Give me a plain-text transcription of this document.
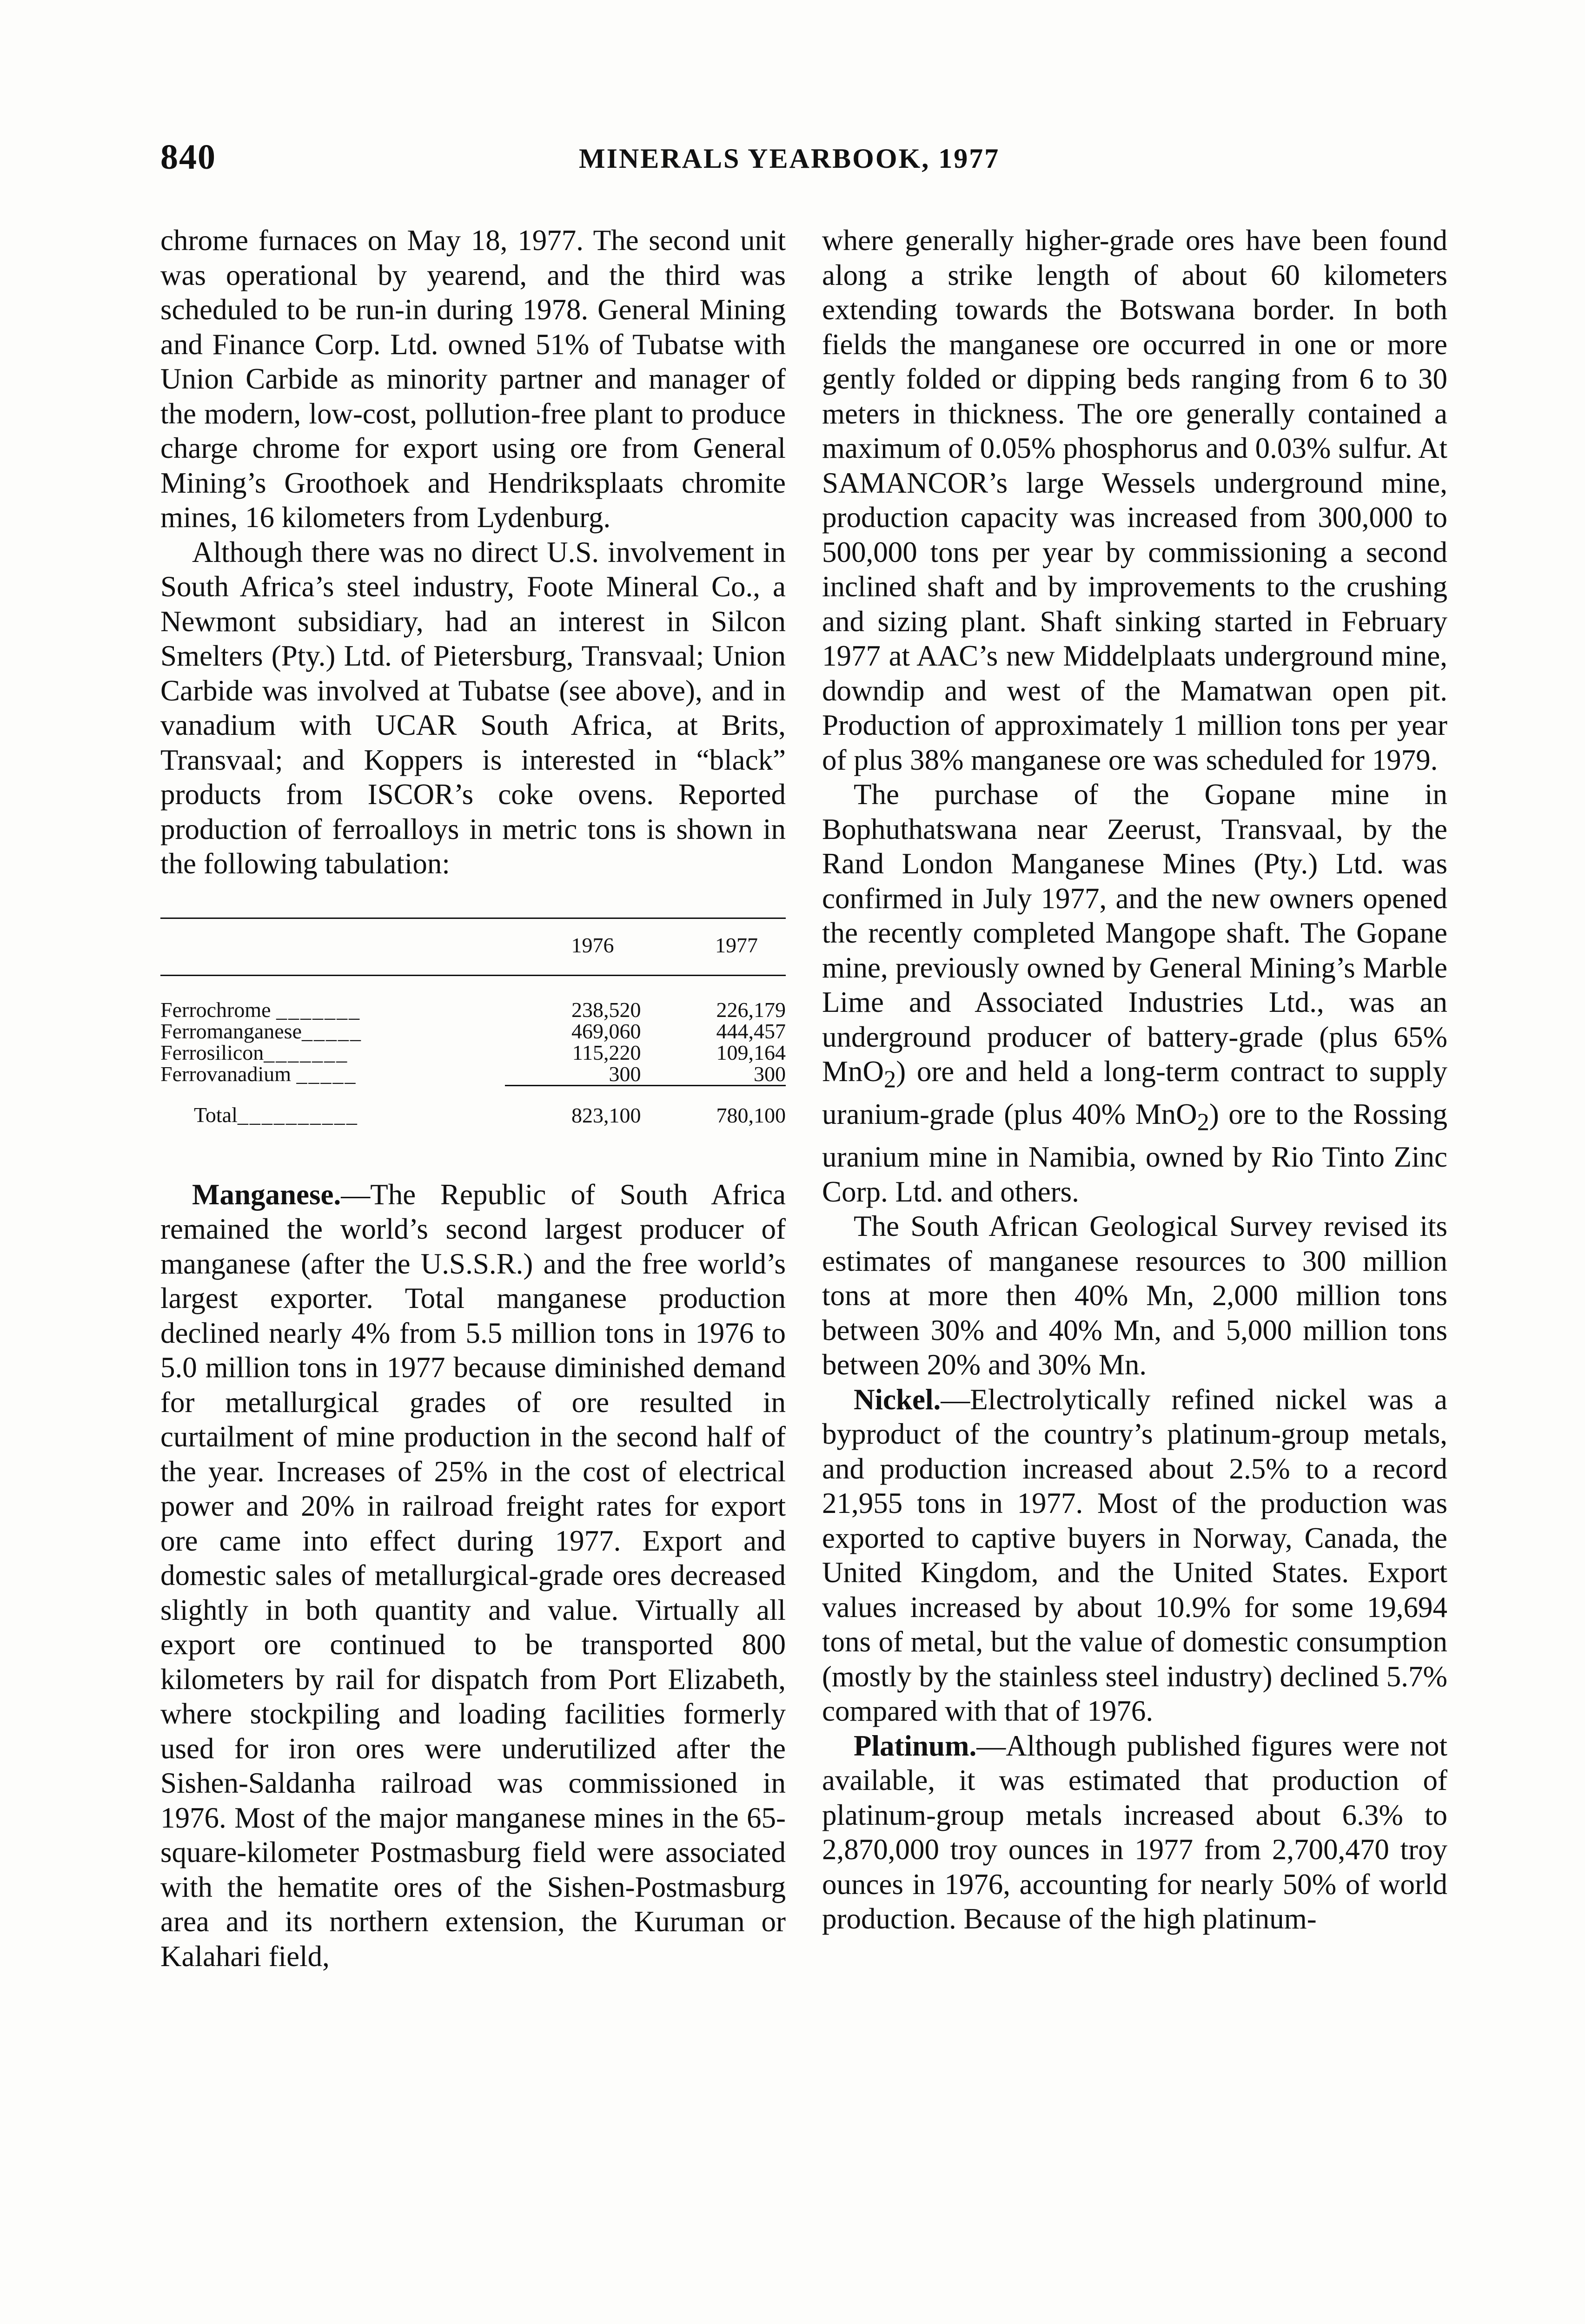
840	MINERALS YEARBOOK, 1977

chrome furnaces on May 18, 1977. The second unit was operational by yearend, and the third was scheduled to be run-in during 1978. General Mining and Finance Corp. Ltd. owned 51% of Tubatse with Union Carbide as minority partner and manager of the modern, low-cost, pollution-free plant to produce charge chrome for export using ore from General Mining’s Groothoek and Hendriksplaats chromite mines, 16 kilometers from Lydenburg.

Although there was no direct U.S. involvement in South Africa’s steel industry, Foote Mineral Co., a Newmont subsidiary, had an interest in Silcon Smelters (Pty.) Ltd. of Pietersburg, Transvaal; Union Carbide was involved at Tubatse (see above), and in vanadium with UCAR South Africa, at Brits, Transvaal; and Koppers is interested in “black” products from ISCOR’s coke ovens. Reported production of ferroalloys in metric tons is shown in the following tabulation:

	1976	1977
Ferrochrome _______	238,520	226,179
Ferromanganese_____	469,060	444,457
Ferrosilicon_______	115,220	109,164
Ferrovanadium _____	300	300
Total__________	823,100	780,100

Manganese.—The Republic of South Africa remained the world’s second largest producer of manganese (after the U.S.S.R.) and the free world’s largest exporter. Total manganese production declined nearly 4% from 5.5 million tons in 1976 to 5.0 million tons in 1977 because diminished demand for metallurgical grades of ore resulted in curtailment of mine production in the second half of the year. Increases of 25% in the cost of electrical power and 20% in railroad freight rates for export ore came into effect during 1977. Export and domestic sales of metallurgical-grade ores decreased slightly in both quantity and value. Virtually all export ore continued to be transported 800 kilometers by rail for dispatch from Port Elizabeth, where stockpiling and loading facilities formerly used for iron ores were underutilized after the Sishen-Saldanha railroad was commissioned in 1976. Most of the major manganese mines in the 65-square-kilometer Postmasburg field were associated with the hematite ores of the Sishen-Postmasburg area and its northern extension, the Kuruman or Kalahari field,

where generally higher-grade ores have been found along a strike length of about 60 kilometers extending towards the Botswana border. In both fields the manganese ore occurred in one or more gently folded or dipping beds ranging from 6 to 30 meters in thickness. The ore generally contained a maximum of 0.05% phosphorus and 0.03% sulfur. At SAMANCOR’s large Wessels underground mine, production capacity was increased from 300,000 to 500,000 tons per year by commissioning a second inclined shaft and by improvements to the crushing and sizing plant. Shaft sinking started in February 1977 at AAC’s new Middelplaats underground mine, downdip and west of the Mamatwan open pit. Production of approximately 1 million tons per year of plus 38% manganese ore was scheduled for 1979.

The purchase of the Gopane mine in Bophuthatswana near Zeerust, Transvaal, by the Rand London Manganese Mines (Pty.) Ltd. was confirmed in July 1977, and the new owners opened the recently completed Mangope shaft. The Gopane mine, previously owned by General Mining’s Marble Lime and Associated Industries Ltd., was an underground producer of battery-grade (plus 65% MnO$_2$) ore and held a long-term contract to supply uranium-grade (plus 40% MnO$_2$) ore to the Rossing uranium mine in Namibia, owned by Rio Tinto Zinc Corp. Ltd. and others.

The South African Geological Survey revised its estimates of manganese resources to 300 million tons at more then 40% Mn, 2,000 million tons between 30% and 40% Mn, and 5,000 million tons between 20% and 30% Mn.

Nickel.—Electrolytically refined nickel was a byproduct of the country’s platinum-group metals, and production increased about 2.5% to a record 21,955 tons in 1977. Most of the production was exported to captive buyers in Norway, Canada, the United Kingdom, and the United States. Export values increased by about 10.9% for some 19,694 tons of metal, but the value of domestic consumption (mostly by the stainless steel industry) declined 5.7% compared with that of 1976.

Platinum.—Although published figures were not available, it was estimated that production of platinum-group metals increased about 6.3% to 2,870,000 troy ounces in 1977 from 2,700,470 troy ounces in 1976, accounting for nearly 50% of world production. Because of the high platinum-
